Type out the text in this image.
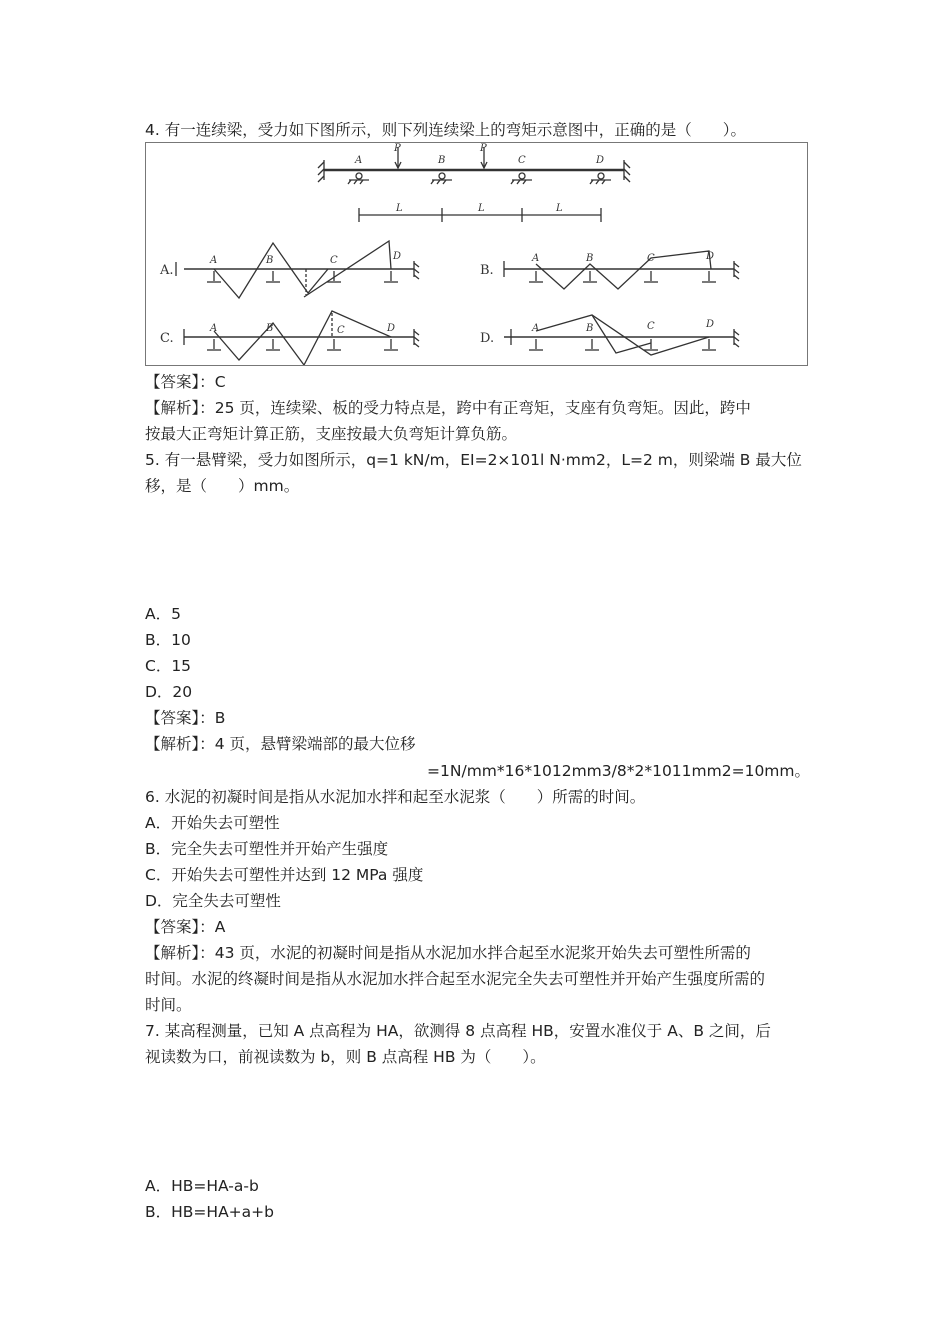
4. 有一连续梁，受力如下图所示，则下列连续梁上的弯矩示意图中，正确的是（　　）。
A	B	C	D
P	P
L	L	L
A.	B.
C.	D.
A	B	C	D	A	B	C	D
A	B	C	D	A	B	C	D
【答案】：C
【解析】：25 页，连续梁、板的受力特点是，跨中有正弯矩，支座有负弯矩。因此，跨中
按最大正弯矩计算正筋，支座按最大负弯矩计算负筋。
5. 有一悬臂梁，受力如图所示，q=1 kN/m，EI=2×101l N·mm2，L=2 m，则梁端 B 最大位
移，是（　　）mm。
A．5
B．10
C．15
D．20
【答案】：B
【解析】：4 页，悬臂梁端部的最大位移
=1N/mm*16*1012mm3/8*2*1011mm2=10mm。
6. 水泥的初凝时间是指从水泥加水拌和起至水泥浆（　　）所需的时间。
A．开始失去可塑性
B．完全失去可塑性并开始产生强度
C．开始失去可塑性并达到 12 MPa 强度
D．完全失去可塑性
【答案】：A
【解析】：43 页，水泥的初凝时间是指从水泥加水拌合起至水泥浆开始失去可塑性所需的
时间。水泥的终凝时间是指从水泥加水拌合起至水泥完全失去可塑性并开始产生强度所需的
时间。
7. 某高程测量，已知 A 点高程为 HA，欲测得 8 点高程 HB，安置水准仪于 A、B 之间，后
视读数为口，前视读数为 b，则 B 点高程 HB 为（　　）。
A．HB=HA-a-b
B．HB=HA+a+b
